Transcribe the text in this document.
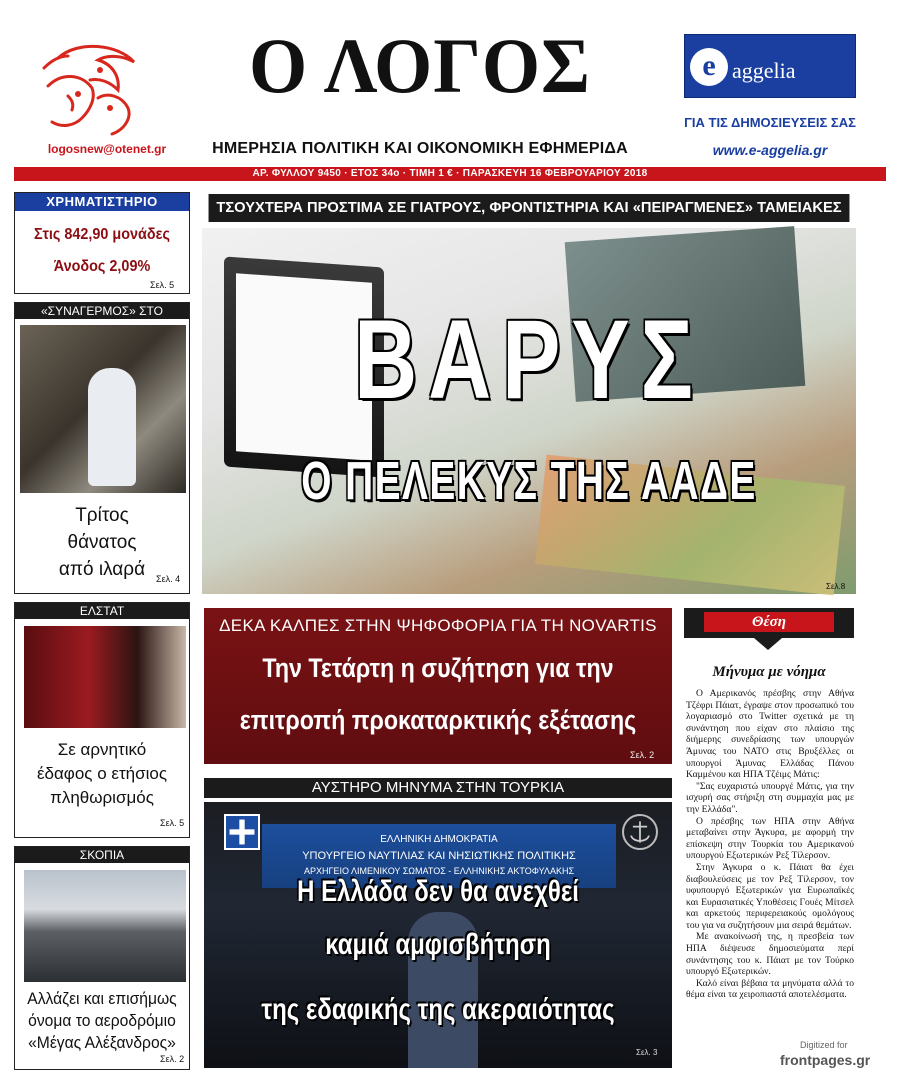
logosnew@otenet.gr
Ο ΛΟΓΟΣ
ΗΜΕΡΗΣΙΑ ΠΟΛΙΤΙΚΗ ΚΑΙ ΟΙΚΟΝΟΜΙΚΗ ΕΦΗΜΕΡΙΔΑ
e aggelia
ΓΙΑ ΤΙΣ ΔΗΜΟΣΙΕΥΣΕΙΣ ΣΑΣ
www.e-aggelia.gr
ΑΡ. ΦΥΛΛΟΥ 9450 · ΕΤΟΣ 34ο · ΤΙΜΗ 1 € · ΠΑΡΑΣΚΕΥΗ 16 ΦΕΒΡΟΥΑΡΙΟΥ 2018
ΧΡΗΜΑΤΙΣΤΗΡΙΟ
Στις 842,90 μονάδες
Άνοδος 2,09%
Σελ. 5
«ΣΥΝΑΓΕΡΜΟΣ» ΣΤΟ
Τρίτος
θάνατος
από ιλαρά	Σελ. 4
ΕΛΣΤΑΤ
Σε αρνητικό
έδαφος ο ετήσιος
πληθωρισμός
Σελ. 5
ΣΚΟΠΙΑ
Αλλάζει και επισήμως
όνομα το αεροδρόμιο
«Μέγας Αλέξανδρος»
Σελ. 2
ΤΣΟΥΧΤΕΡΑ ΠΡΟΣΤΙΜΑ ΣΕ ΓΙΑΤΡΟΥΣ, ΦΡΟΝΤΙΣΤΗΡΙΑ ΚΑΙ «ΠΕΙΡΑΓΜΕΝΕΣ» ΤΑΜΕΙΑΚΕΣ
ΒΑΡΥΣ
Ο ΠΕΛΕΚΥΣ ΤΗΣ ΑΑΔΕ
Σελ.8
ΔΕΚΑ ΚΑΛΠΕΣ ΣΤΗΝ ΨΗΦΟΦΟΡΙΑ ΓΙΑ ΤΗ NOVARTIS
Την Τετάρτη η συζήτηση για την
επιτροπή προκαταρκτικής εξέτασης
Σελ. 2
ΑΥΣΤΗΡΟ ΜΗΝΥΜΑ ΣΤΗΝ ΤΟΥΡΚΙΑ
ΕΛΛΗΝΙΚΗ ΔΗΜΟΚΡΑΤΙΑ
ΥΠΟΥΡΓΕΙΟ ΝΑΥΤΙΛΙΑΣ ΚΑΙ ΝΗΣΙΩΤΙΚΗΣ ΠΟΛΙΤΙΚΗΣ
ΑΡΧΗΓΕΙΟ ΛΙΜΕΝΙΚΟΥ ΣΩΜΑΤΟΣ - ΕΛΛΗΝΙΚΗΣ ΑΚΤΟΦΥΛΑΚΗΣ
Η Ελλάδα δεν θα ανεχθεί
καμιά αμφισβήτηση
της εδαφικής της ακεραιότητας
Σελ. 3
Θέση
Μήνυμα με νόημα

Ο Αμερικανός πρέσβης στην Αθήνα Τζέφρι Πάιατ, έγραψε στον προσωπικό του λογαριασμό στο Twitter σχετικά με τη συνάντηση που είχαν στο πλαίσιο της διήμερης συνεδρίασης των υπουργών Άμυνας του ΝΑΤΟ στις Βρυξέλλες οι υπουργοί Άμυνας Ελλάδας Πάνου Καμμένου και ΗΠΑ Τζέιμς Μάτις:

"Σας ευχαριστώ υπουργέ Μάτις, για την ισχυρή σας στήριξη στη συμμαχία μας με την Ελλάδα".

Ο πρέσβης των ΗΠΑ στην Αθήνα μεταβαίνει στην Άγκυρα, με αφορμή την επίσκεψη στην Τουρκία του Αμερικανού υπουργού Εξωτερικών Ρεξ Τίλερσον.

Στην Άγκυρα ο κ. Πάιατ θα έχει διαβουλεύσεις με τον Ρεξ Τίλερσον, τον υφυπουργό Εξωτερικών για Ευρωπαϊκές και Ευρασιατικές Υποθέσεις Γουές Μίτσελ και αρκετούς περιφερειακούς ομολόγους του για να συζητήσουν μια σειρά θεμάτων.

Με ανακοίνωσή της, η πρεσβεία των ΗΠΑ διέψευσε δημοσιεύματα περί συνάντησης του κ. Πάιατ με τον Τούρκο υπουργό Εξωτερικών.

Καλό είναι βέβαια τα μηνύματα αλλά το θέμα είναι τα χειροπιαστά αποτελέσματα.

Digitized for
frontpages.gr
